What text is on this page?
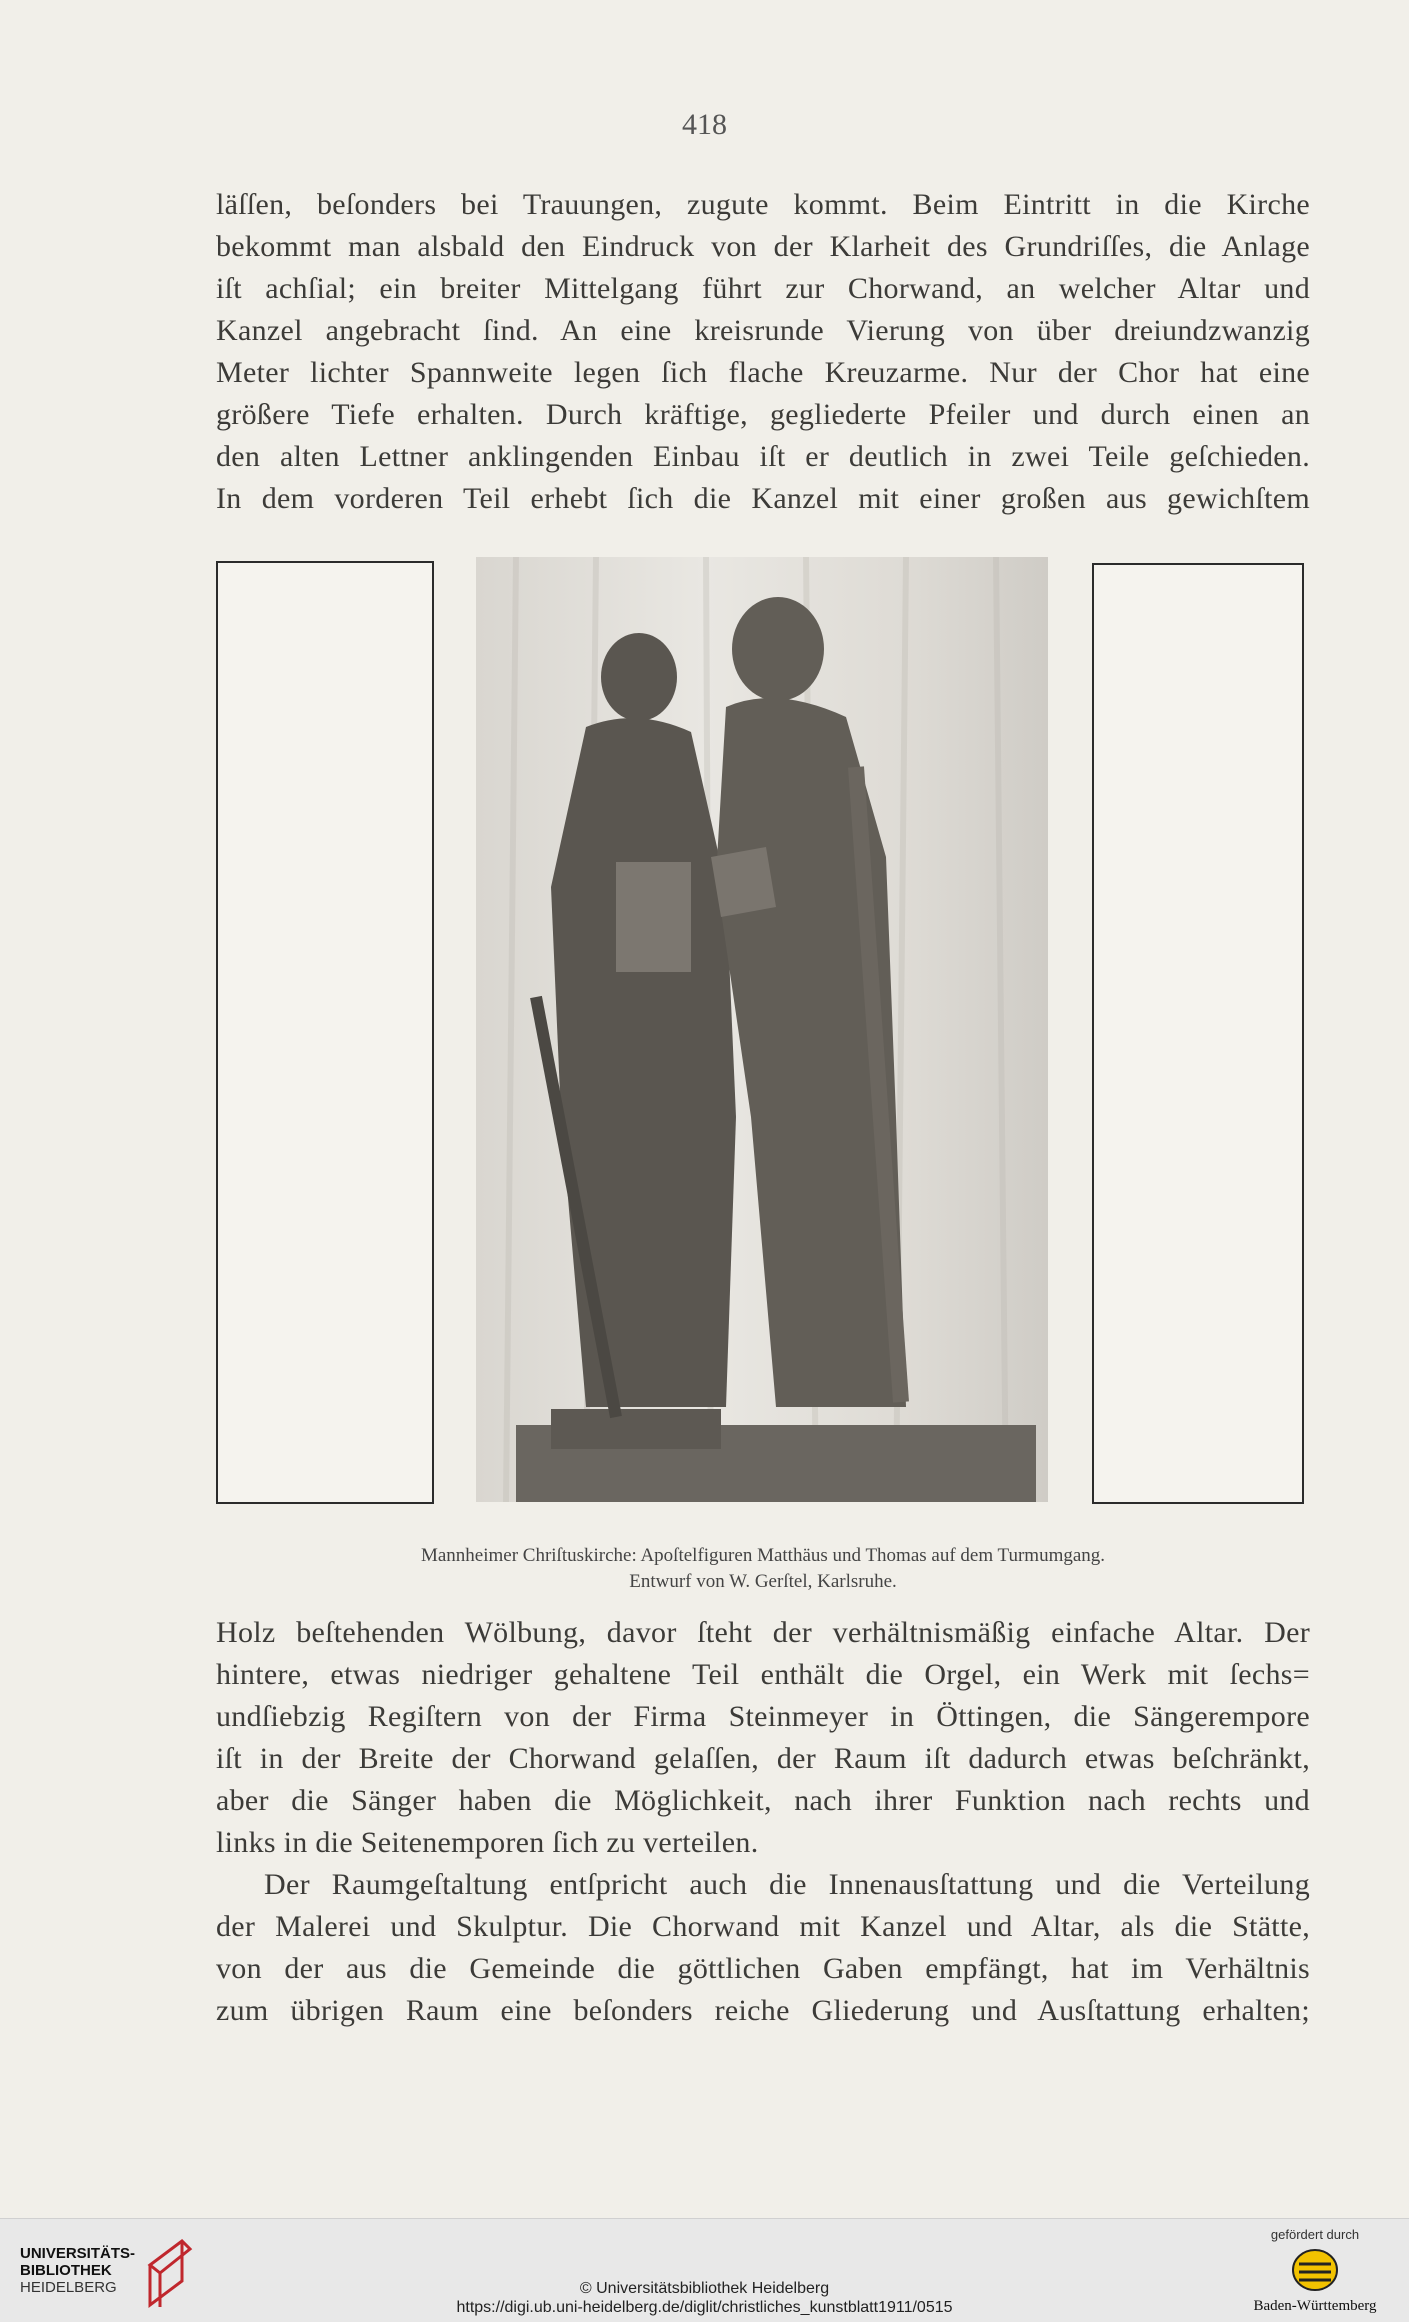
418
läſſen, beſonders bei Trauungen, zugute kommt. Beim Eintritt in die Kirche
bekommt man alsbald den Eindruck von der Klarheit des Grundriſſes, die Anlage
iſt achſial; ein breiter Mittelgang führt zur Chorwand, an welcher Altar und
Kanzel angebracht ſind. An eine kreisrunde Vierung von über dreiundzwanzig
Meter lichter Spannweite legen ſich flache Kreuzarme. Nur der Chor hat eine
größere Tiefe erhalten. Durch kräftige, gegliederte Pfeiler und durch einen an
den alten Lettner anklingenden Einbau iſt er deutlich in zwei Teile geſchieden.
In dem vorderen Teil erhebt ſich die Kanzel mit einer großen aus gewichſtem
Mannheimer Chriſtuskirche: Apoſtelfiguren Matthäus und Thomas auf dem Turmumgang.
Entwurf von W. Gerſtel, Karlsruhe.
Holz beſtehenden Wölbung, davor ſteht der verhältnismäßig einfache Altar. Der
hintere, etwas niedriger gehaltene Teil enthält die Orgel, ein Werk mit ſechs=
undſiebzig Regiſtern von der Firma Steinmeyer in Öttingen, die Sängerempore
iſt in der Breite der Chorwand gelaſſen, der Raum iſt dadurch etwas beſchränkt,
aber die Sänger haben die Möglichkeit, nach ihrer Funktion nach rechts und
links in die Seitenemporen ſich zu verteilen.
Der Raumgeſtaltung entſpricht auch die Innenausſtattung und die Verteilung
der Malerei und Skulptur. Die Chorwand mit Kanzel und Altar, als die Stätte,
von der aus die Gemeinde die göttlichen Gaben empfängt, hat im Verhältnis
zum übrigen Raum eine beſonders reiche Gliederung und Ausſtattung erhalten;
UNIVERSITÄTS-
BIBLIOTHEK
HEIDELBERG	© Universitätsbibliothek Heidelberg
https://digi.ub.uni-heidelberg.de/diglit/christliches_kunstblatt1911/0515
gefördert durch
Baden-Württemberg
